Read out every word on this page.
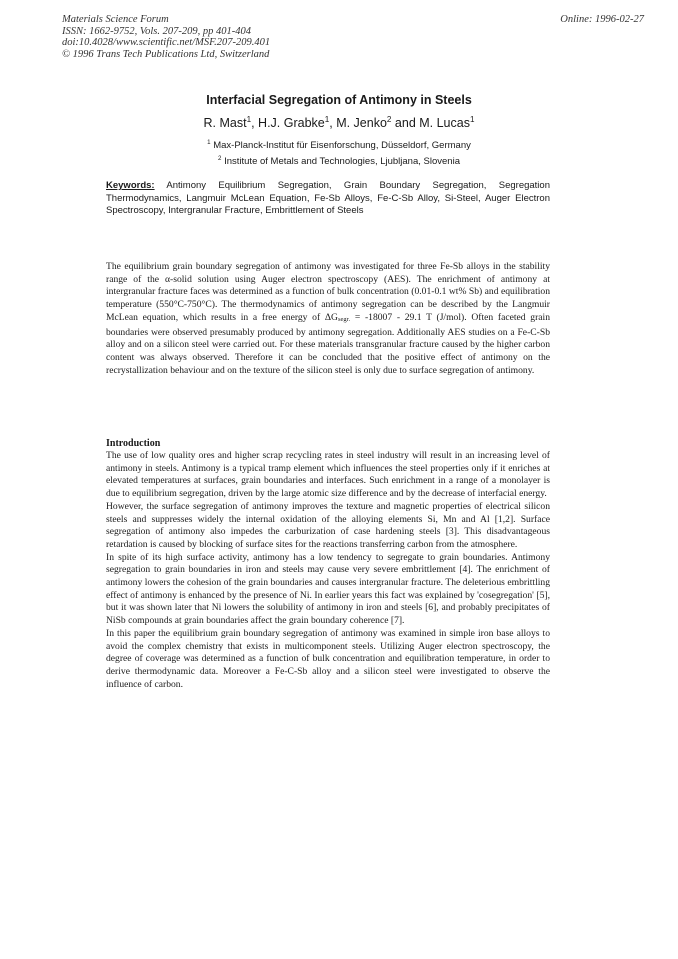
Materials Science Forum
ISSN: 1662-9752, Vols. 207-209, pp 401-404
doi:10.4028/www.scientific.net/MSF.207-209.401
© 1996 Trans Tech Publications Ltd, Switzerland
Online: 1996-02-27
Interfacial Segregation of Antimony in Steels
R. Mast$^1$, H.J. Grabke$^1$, M. Jenko$^2$ and M. Lucas$^1$
$^1$ Max-Planck-Institut für Eisenforschung, Düsseldorf, Germany
$^2$ Institute of Metals and Technologies, Ljubljana, Slovenia
Keywords: Antimony Equilibrium Segregation, Grain Boundary Segregation, Segregation Thermodynamics, Langmuir McLean Equation, Fe-Sb Alloys, Fe-C-Sb Alloy, Si-Steel, Auger Electron Spectroscopy, Intergranular Fracture, Embrittlement of Steels
The equilibrium grain boundary segregation of antimony was investigated for three Fe-Sb alloys in the stability range of the α-solid solution using Auger electron spectroscopy (AES). The enrichment of antimony at intergranular fracture faces was determined as a function of bulk concentration (0.01-0.1 wt% Sb) and equilibration temperature (550°C-750°C). The thermodynamics of antimony segregation can be described by the Langmuir McLean equation, which results in a free energy of ΔGsegr. = -18007 - 29.1 T (J/mol). Often faceted grain boundaries were observed presumably produced by antimony segregation. Additionally AES studies on a Fe-C-Sb alloy and on a silicon steel were carried out. For these materials transgranular fracture caused by the higher carbon content was always observed. Therefore it can be concluded that the positive effect of antimony on the recrystallization behaviour and on the texture of the silicon steel is only due to surface segregation of antimony.
Introduction

The use of low quality ores and higher scrap recycling rates in steel industry will result in an increasing level of antimony in steels. Antimony is a typical tramp element which influences the steel properties only if it enriches at elevated temperatures at surfaces, grain boundaries and interfaces. Such enrichment in a range of a monolayer is due to equilibrium segregation, driven by the large atomic size difference and by the decrease of interfacial energy.

However, the surface segregation of antimony improves the texture and magnetic properties of electrical silicon steels and suppresses widely the internal oxidation of the alloying elements Si, Mn and Al [1,2]. Surface segregation of antimony also impedes the carburization of case hardening steels [3]. This disadvantageous retardation is caused by blocking of surface sites for the reactions transferring carbon from the atmosphere.

In spite of its high surface activity, antimony has a low tendency to segregate to grain boundaries. Antimony segregation to grain boundaries in iron and steels may cause very severe embrittlement [4]. The enrichment of antimony lowers the cohesion of the grain boundaries and causes intergranular fracture. The deleterious embrittling effect of antimony is enhanced by the presence of Ni. In earlier years this fact was explained by 'cosegregation' [5], but it was shown later that Ni lowers the solubility of antimony in iron and steels [6], and probably precipitates of NiSb compounds at grain boundaries affect the grain boundary coherence [7].

In this paper the equilibrium grain boundary segregation of antimony was examined in simple iron base alloys to avoid the complex chemistry that exists in multicomponent steels. Utilizing Auger electron spectroscopy, the degree of coverage was determined as a function of bulk concentration and equilibration temperature, in order to derive thermodynamic data. Moreover a Fe-C-Sb alloy and a silicon steel were investigated to observe the influence of carbon.
